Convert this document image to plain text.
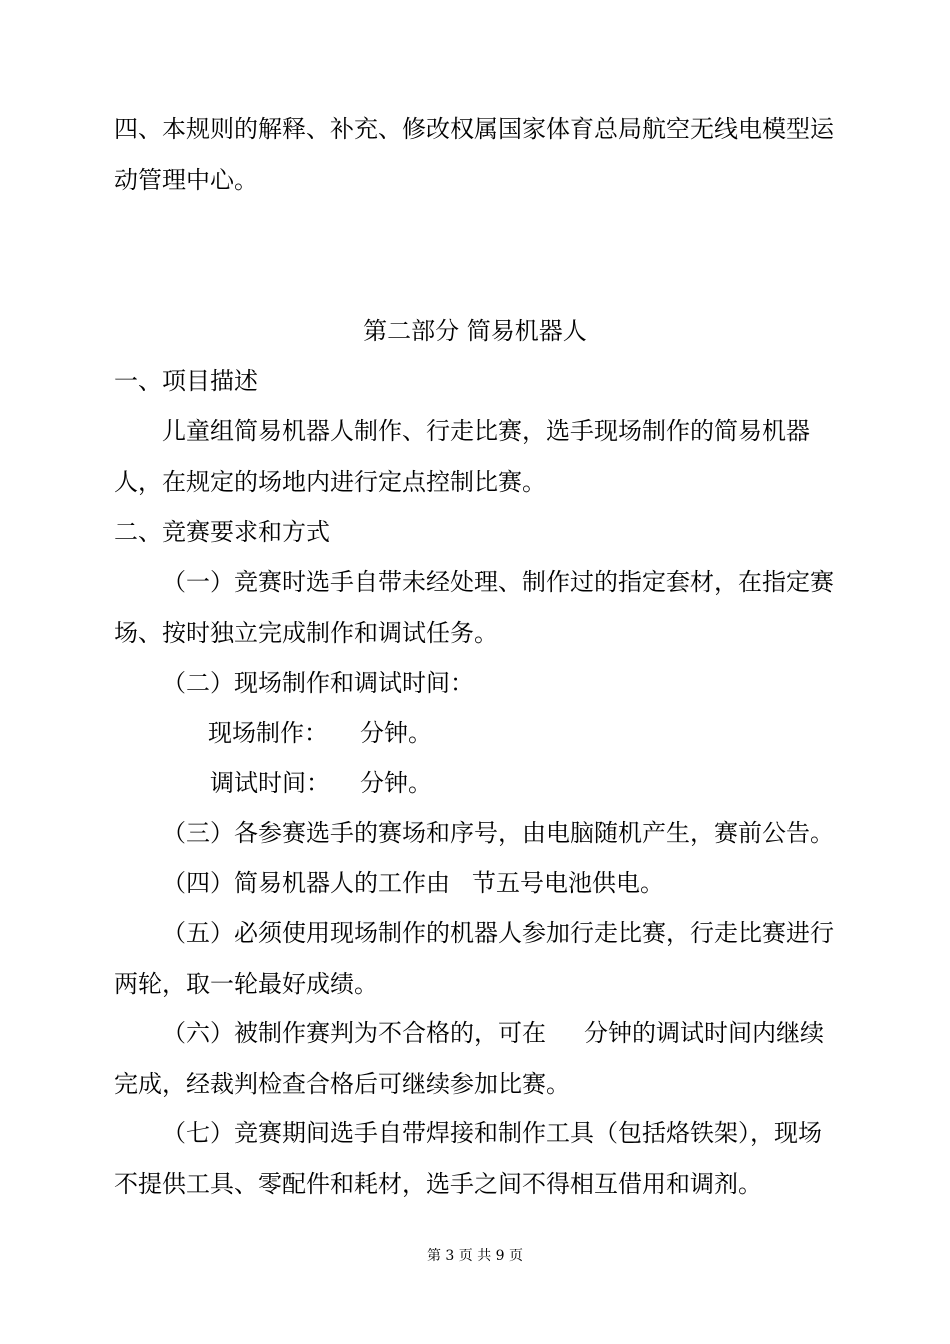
四、本规则的解释、补充、修改权属国家体育总局航空无线电模型运动管理中心。
第二部分 简易机器人
一、项目描述
儿童组简易机器人制作、行走比赛，选手现场制作的简易机器人，在规定的场地内进行定点控制比赛。
二、竞赛要求和方式
（一）竞赛时选手自带未经处理、制作过的指定套材，在指定赛场、按时独立完成制作和调试任务。
（二）现场制作和调试时间：
现场制作： 分钟。
调试时间： 分钟。
（三）各参赛选手的赛场和序号，由电脑随机产生，赛前公告。
（四）简易机器人的工作由 节五号电池供电。
（五）必须使用现场制作的机器人参加行走比赛，行走比赛进行两轮，取一轮最好成绩。
（六）被制作赛判为不合格的，可在 分钟的调试时间内继续完成，经裁判检查合格后可继续参加比赛。
（七）竞赛期间选手自带焊接和制作工具（包括烙铁架），现场不提供工具、零配件和耗材，选手之间不得相互借用和调剂。
第 3 页 共 9 页
